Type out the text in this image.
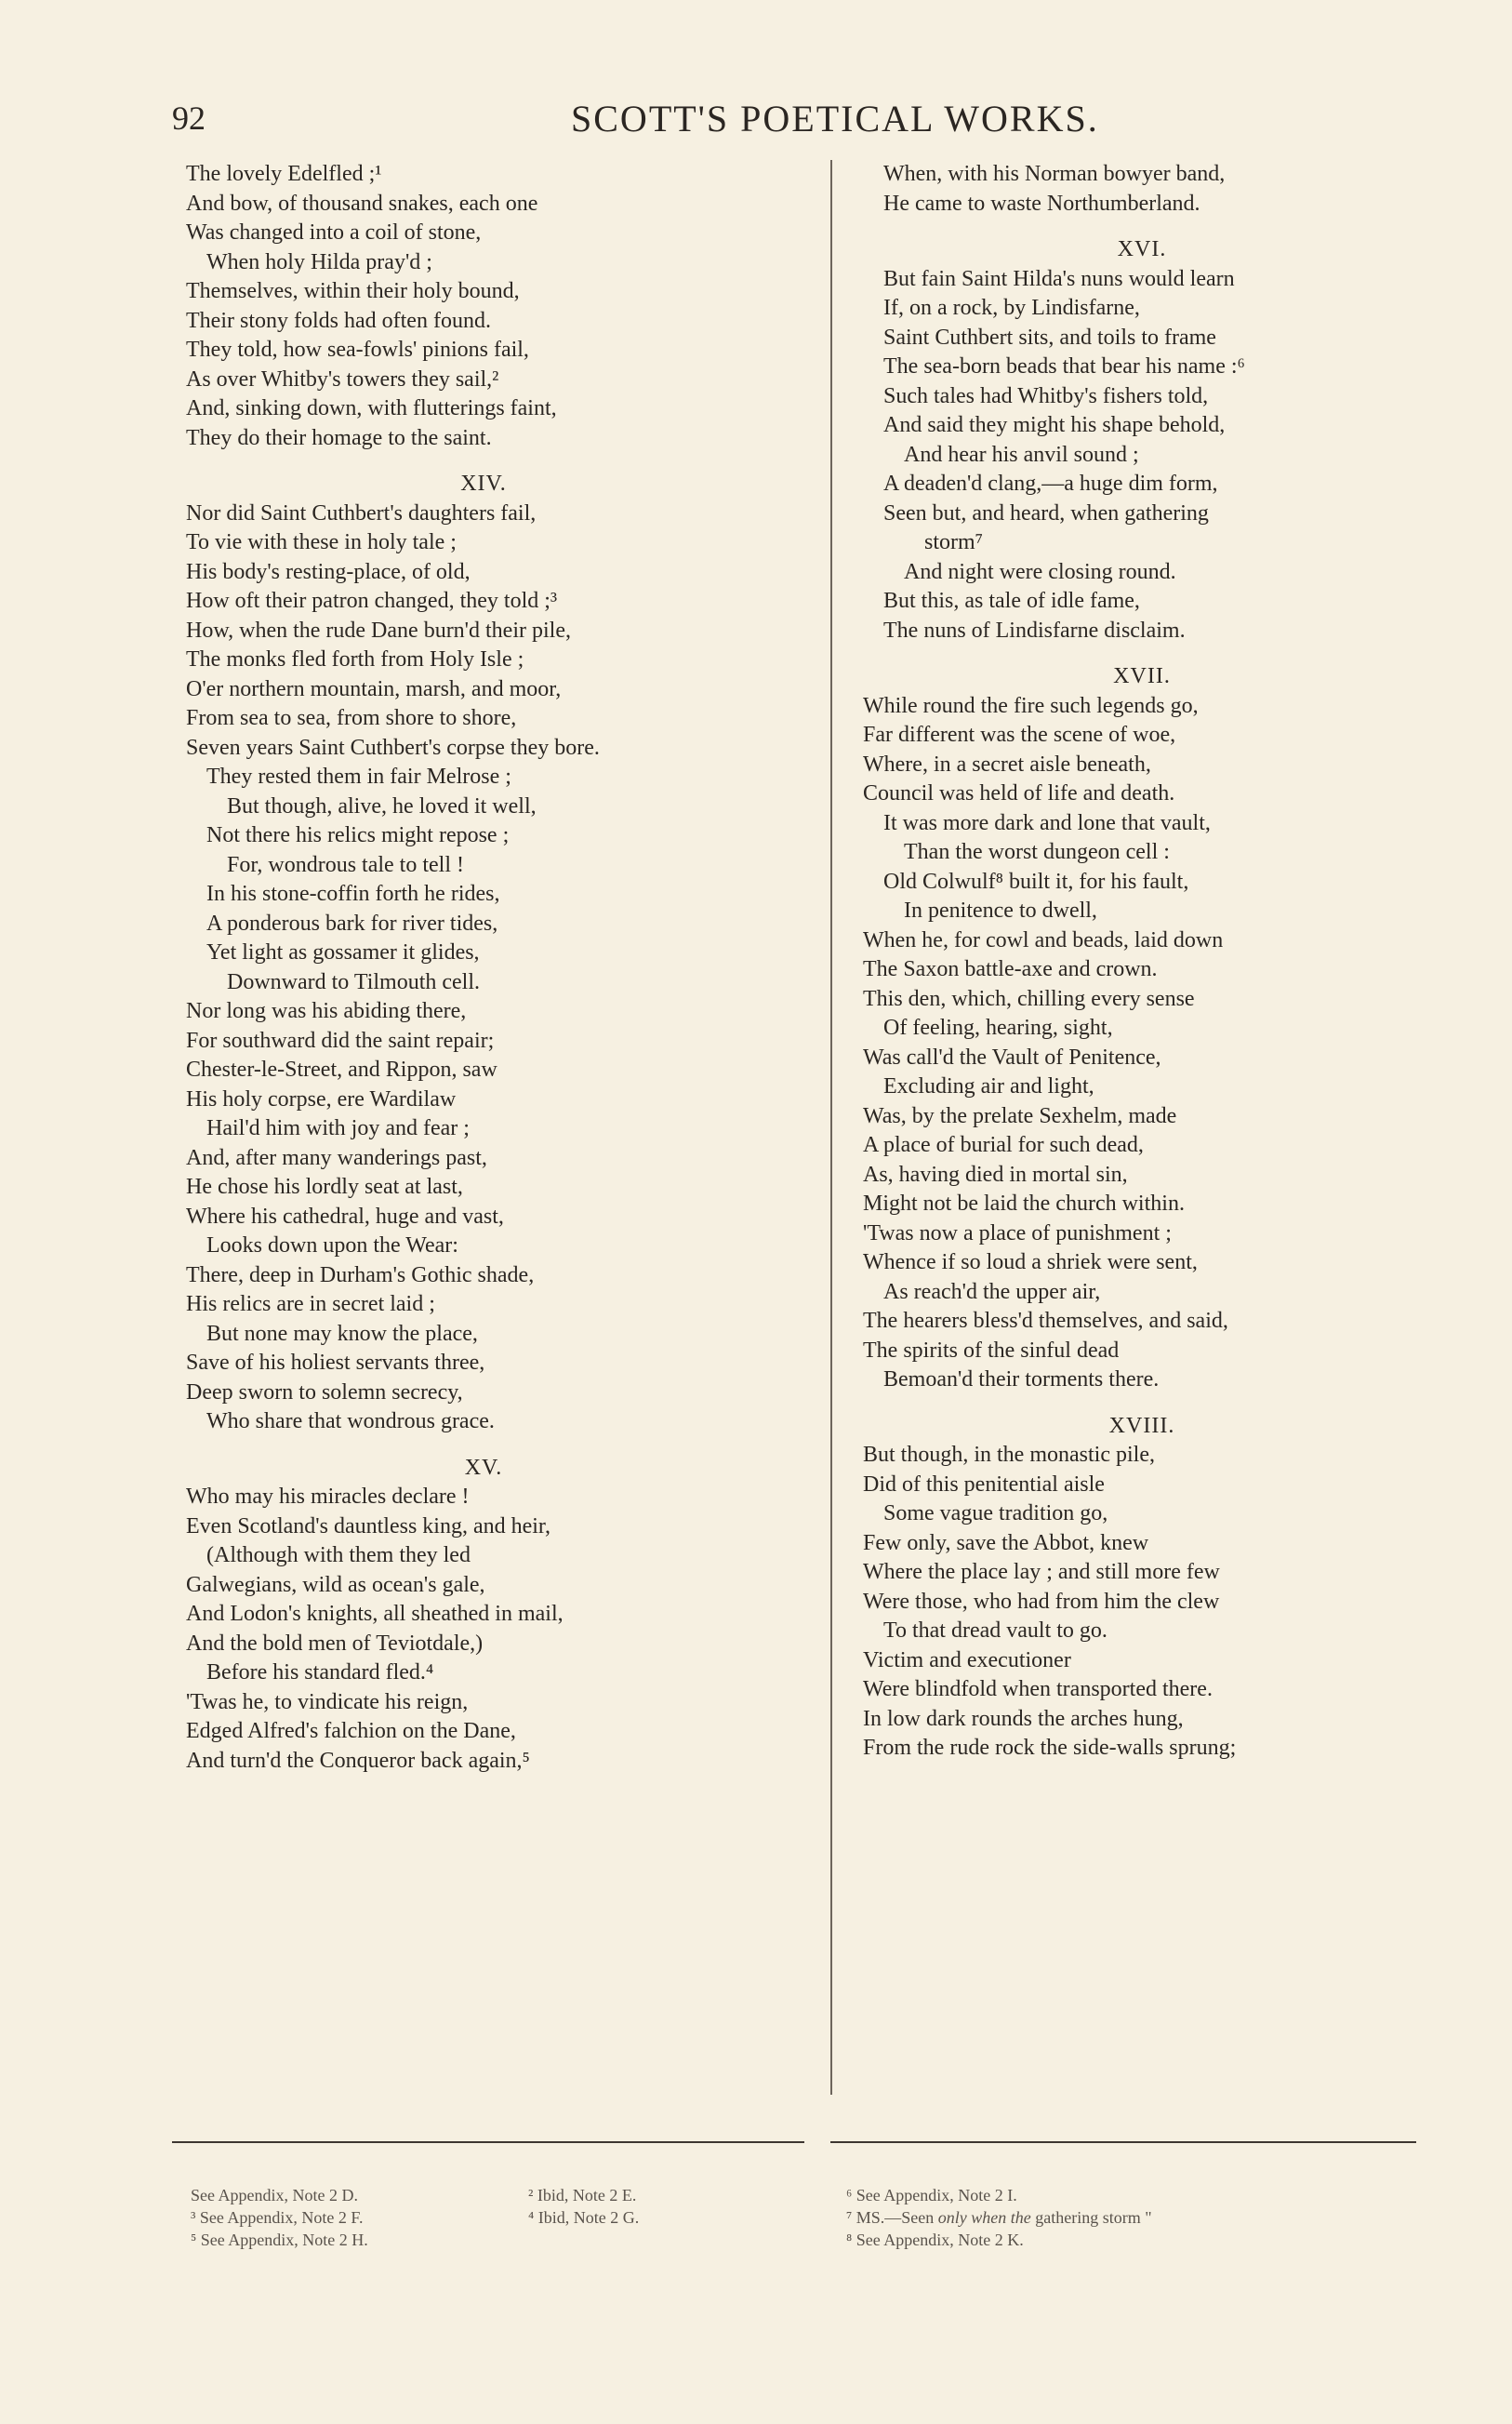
92	SCOTT'S POETICAL WORKS.
The lovely Edelfled ;¹
And bow, of thousand snakes, each one
Was changed into a coil of stone,
When holy Hilda pray'd ;
Themselves, within their holy bound,
Their stony folds had often found.
They told, how sea-fowls' pinions fail,
As over Whitby's towers they sail,²
And, sinking down, with flutterings faint,
They do their homage to the saint.
XIV.
Nor did Saint Cuthbert's daughters fail,
To vie with these in holy tale ;
His body's resting-place, of old,
How oft their patron changed, they told ;³
How, when the rude Dane burn'd their pile,
The monks fled forth from Holy Isle ;
O'er northern mountain, marsh, and moor,
From sea to sea, from shore to shore,
Seven years Saint Cuthbert's corpse they bore.
They rested them in fair Melrose ;
But though, alive, he loved it well,
Not there his relics might repose ;
For, wondrous tale to tell !
In his stone-coffin forth he rides,
A ponderous bark for river tides,
Yet light as gossamer it glides,
Downward to Tilmouth cell.
Nor long was his abiding there,
For southward did the saint repair;
Chester-le-Street, and Rippon, saw
His holy corpse, ere Wardilaw
Hail'd him with joy and fear ;
And, after many wanderings past,
He chose his lordly seat at last,
Where his cathedral, huge and vast,
Looks down upon the Wear:
There, deep in Durham's Gothic shade,
His relics are in secret laid ;
But none may know the place,
Save of his holiest servants three,
Deep sworn to solemn secrecy,
Who share that wondrous grace.
XV.
Who may his miracles declare !
Even Scotland's dauntless king, and heir,
(Although with them they led
Galwegians, wild as ocean's gale,
And Lodon's knights, all sheathed in mail,
And the bold men of Teviotdale,)
Before his standard fled.⁴
'Twas he, to vindicate his reign,
Edged Alfred's falchion on the Dane,
And turn'd the Conqueror back again,⁵
When, with his Norman bowyer band,
He came to waste Northumberland.
XVI.
But fain Saint Hilda's nuns would learn
If, on a rock, by Lindisfarne,
Saint Cuthbert sits, and toils to frame
The sea-born beads that bear his name :⁶
Such tales had Whitby's fishers told,
And said they might his shape behold,
And hear his anvil sound ;
A deaden'd clang,—a huge dim form,
Seen but, and heard, when gathering
storm⁷
And night were closing round.
But this, as tale of idle fame,
The nuns of Lindisfarne disclaim.
XVII.
While round the fire such legends go,
Far different was the scene of woe,
Where, in a secret aisle beneath,
Council was held of life and death.
It was more dark and lone that vault,
Than the worst dungeon cell :
Old Colwulf⁸ built it, for his fault,
In penitence to dwell,
When he, for cowl and beads, laid down
The Saxon battle-axe and crown.
This den, which, chilling every sense
Of feeling, hearing, sight,
Was call'd the Vault of Penitence,
Excluding air and light,
Was, by the prelate Sexhelm, made
A place of burial for such dead,
As, having died in mortal sin,
Might not be laid the church within.
'Twas now a place of punishment ;
Whence if so loud a shriek were sent,
As reach'd the upper air,
The hearers bless'd themselves, and said,
The spirits of the sinful dead
Bemoan'd their torments there.
XVIII.
But though, in the monastic pile,
Did of this penitential aisle
Some vague tradition go,
Few only, save the Abbot, knew
Where the place lay ; and still more few
Were those, who had from him the clew
To that dread vault to go.
Victim and executioner
Were blindfold when transported there.
In low dark rounds the arches hung,
From the rude rock the side-walls sprung;
See Appendix, Note 2 D.
³ See Appendix, Note 2 F.
⁵ See Appendix, Note 2 H.
² Ibid, Note 2 E.
⁴ Ibid, Note 2 G.
⁶ See Appendix, Note 2 I.
⁷ MS.—Seen only when the gathering storm "
⁸ See Appendix, Note 2 K.
